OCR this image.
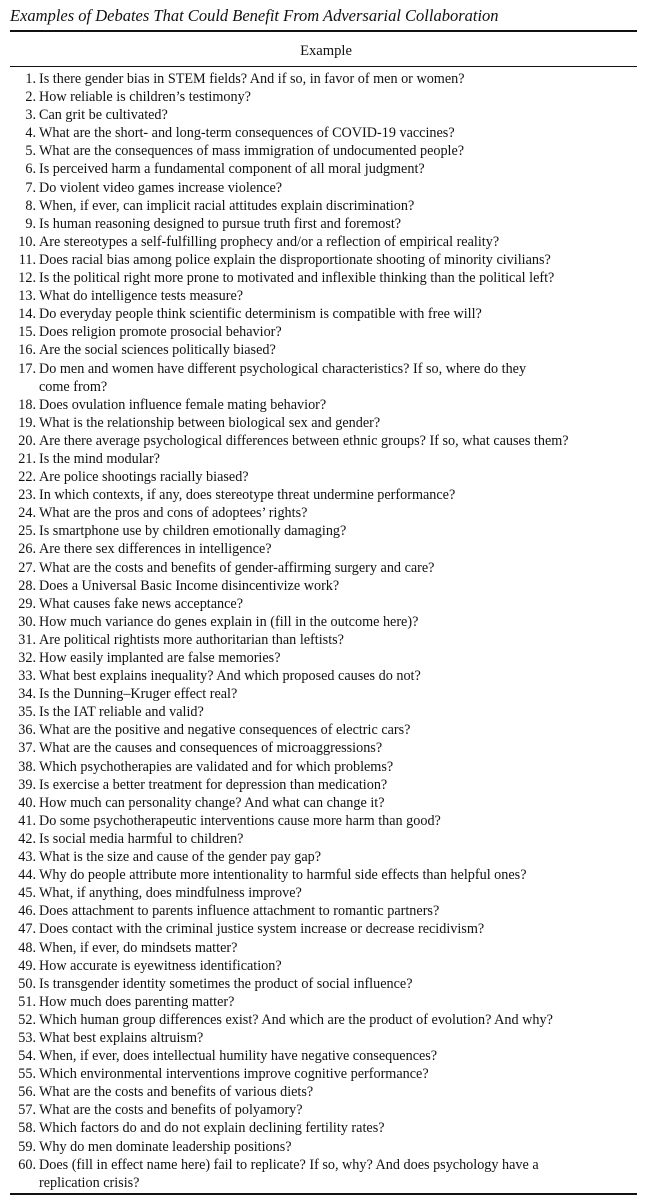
Examples of Debates That Could Benefit From Adversarial Collaboration
Example
1. Is there gender bias in STEM fields? And if so, in favor of men or women?
2. How reliable is children’s testimony?
3. Can grit be cultivated?
4. What are the short- and long-term consequences of COVID-19 vaccines?
5. What are the consequences of mass immigration of undocumented people?
6. Is perceived harm a fundamental component of all moral judgment?
7. Do violent video games increase violence?
8. When, if ever, can implicit racial attitudes explain discrimination?
9. Is human reasoning designed to pursue truth first and foremost?
10. Are stereotypes a self-fulfilling prophecy and/or a reflection of empirical reality?
11. Does racial bias among police explain the disproportionate shooting of minority civilians?
12. Is the political right more prone to motivated and inflexible thinking than the political left?
13. What do intelligence tests measure?
14. Do everyday people think scientific determinism is compatible with free will?
15. Does religion promote prosocial behavior?
16. Are the social sciences politically biased?
17. Do men and women have different psychological characteristics? If so, where do they
come from?
18. Does ovulation influence female mating behavior?
19. What is the relationship between biological sex and gender?
20. Are there average psychological differences between ethnic groups? If so, what causes them?
21. Is the mind modular?
22. Are police shootings racially biased?
23. In which contexts, if any, does stereotype threat undermine performance?
24. What are the pros and cons of adoptees’ rights?
25. Is smartphone use by children emotionally damaging?
26. Are there sex differences in intelligence?
27. What are the costs and benefits of gender-affirming surgery and care?
28. Does a Universal Basic Income disincentivize work?
29. What causes fake news acceptance?
30. How much variance do genes explain in (fill in the outcome here)?
31. Are political rightists more authoritarian than leftists?
32. How easily implanted are false memories?
33. What best explains inequality? And which proposed causes do not?
34. Is the Dunning–Kruger effect real?
35. Is the IAT reliable and valid?
36. What are the positive and negative consequences of electric cars?
37. What are the causes and consequences of microaggressions?
38. Which psychotherapies are validated and for which problems?
39. Is exercise a better treatment for depression than medication?
40. How much can personality change? And what can change it?
41. Do some psychotherapeutic interventions cause more harm than good?
42. Is social media harmful to children?
43. What is the size and cause of the gender pay gap?
44. Why do people attribute more intentionality to harmful side effects than helpful ones?
45. What, if anything, does mindfulness improve?
46. Does attachment to parents influence attachment to romantic partners?
47. Does contact with the criminal justice system increase or decrease recidivism?
48. When, if ever, do mindsets matter?
49. How accurate is eyewitness identification?
50. Is transgender identity sometimes the product of social influence?
51. How much does parenting matter?
52. Which human group differences exist? And which are the product of evolution? And why?
53. What best explains altruism?
54. When, if ever, does intellectual humility have negative consequences?
55. Which environmental interventions improve cognitive performance?
56. What are the costs and benefits of various diets?
57. What are the costs and benefits of polyamory?
58. Which factors do and do not explain declining fertility rates?
59. Why do men dominate leadership positions?
60. Does (fill in effect name here) fail to replicate? If so, why? And does psychology have a
replication crisis?
